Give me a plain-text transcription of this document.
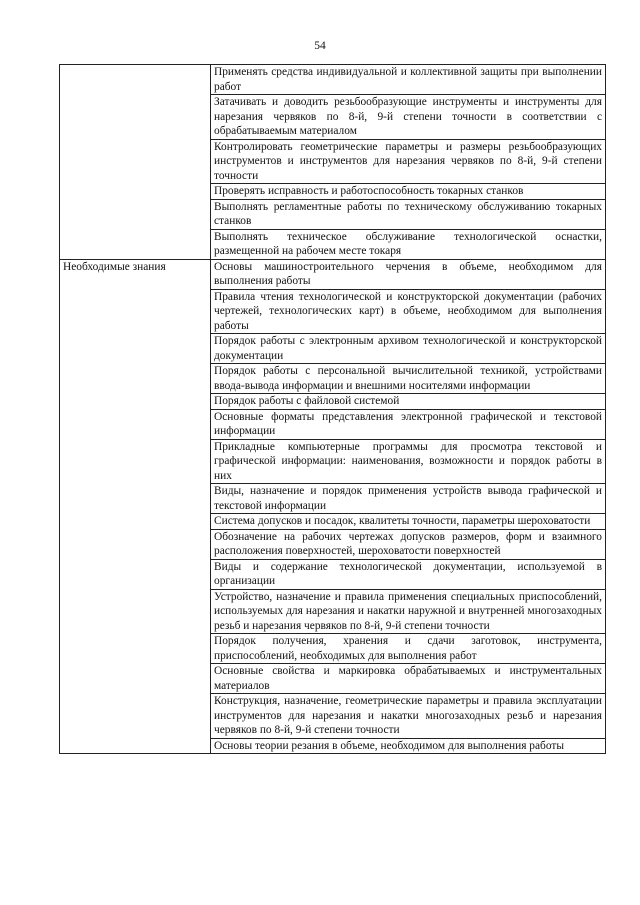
54
	Применять средства индивидуальной и коллективной защиты при выполнении работ
	Затачивать и доводить резьбообразующие инструменты и инструменты для нарезания червяков по 8-й, 9-й степени точности в соответствии с обрабатываемым материалом
	Контролировать геометрические параметры и размеры резьбообразующих инструментов и инструментов для нарезания червяков по 8-й, 9-й степени точности
	Проверять исправность и работоспособность токарных станков
	Выполнять регламентные работы по техническому обслуживанию токарных станков
	Выполнять техническое обслуживание технологической оснастки, размещенной на рабочем месте токаря
Необходимые знания	Основы машиностроительного черчения в объеме, необходимом для выполнения работы
	Правила чтения технологической и конструкторской документации (рабочих чертежей, технологических карт) в объеме, необходимом для выполнения работы
	Порядок работы с электронным архивом технологической и конструкторской документации
	Порядок работы с персональной вычислительной техникой, устройствами ввода-вывода информации и внешними носителями информации
	Порядок работы с файловой системой
	Основные форматы представления электронной графической и текстовой информации
	Прикладные компьютерные программы для просмотра текстовой и графической информации: наименования, возможности и порядок работы в них
	Виды, назначение и порядок применения устройств вывода графической и текстовой информации
	Система допусков и посадок, квалитеты точности, параметры шероховатости
	Обозначение на рабочих чертежах допусков размеров, форм и взаимного расположения поверхностей, шероховатости поверхностей
	Виды и содержание технологической документации, используемой в организации
	Устройство, назначение и правила применения специальных приспособлений, используемых для нарезания и накатки наружной и внутренней многозаходных резьб и нарезания червяков по 8-й, 9-й степени точности
	Порядок получения, хранения и сдачи заготовок, инструмента, приспособлений, необходимых для выполнения работ
	Основные свойства и маркировка обрабатываемых и инструментальных материалов
	Конструкция, назначение, геометрические параметры и правила эксплуатации инструментов для нарезания и накатки многозаходных резьб и нарезания червяков по 8-й, 9-й степени точности
	Основы теории резания в объеме, необходимом для выполнения работы
